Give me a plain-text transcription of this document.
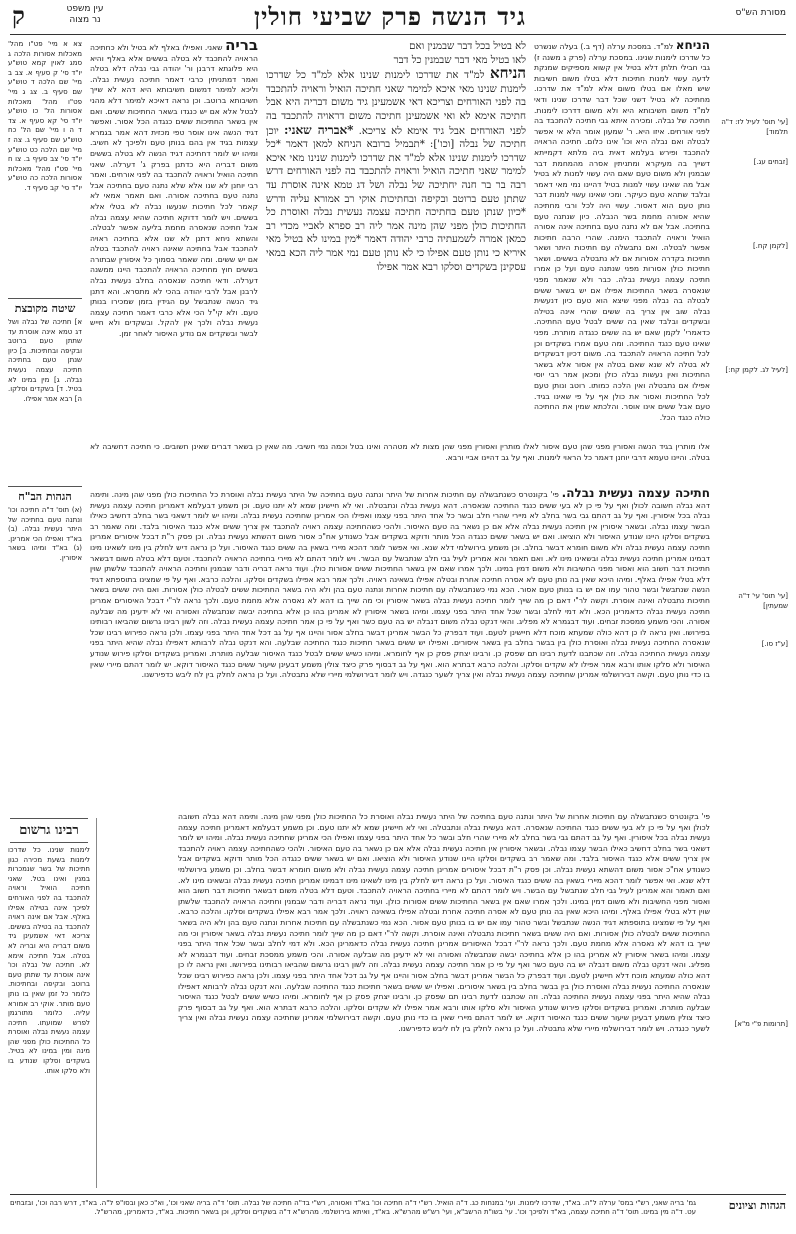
מסורת הש"ס
גיד הנשה פרק שביעי חולין
עין משפט
נר מצוה
ק
[עי' תוס' לעיל לז: ד"ה תלמוד]
[זבחים עג.]
[לקמן קח.]
[לעיל לג. לקמן קח:]
[עי' תוס' עי' ד"ה שמעתין]
[ע"ז סו.]
[תרומות פ"י מ"א]
הניחא למ"ד. במסכת ערלה (דף ב.) בעלה שנשרט כל שדרכו לימנות שנינו. במסכת ערלה (פרק ג משנה ז) גבי חבילי תלתן דלא בטיל אין קשוא מספיקים שמנקת לדעה עשוי למנות חתיכות דלא בטלו משום חשיבות שיש מאלו אם בטלו משום אלא למ"ד את שדרכו. מחתיכה לא בטיל דשני שכל דבר שדרכו שנינו ודאי למ"ד משום חשיבותא היא ולא משום דדרכו לימנות. חתיכה של נבלה. ומכירה איתא גבי חתיכה להתכבד בה לפני אורחים. איזו היא. ר' שמעון אומר הלא אי אפשר לבטלה ואם נבלה היא וכו' אינו כלום. חתיכה הראויה להתכבד ופירש בעלמא דאית ביה מלתא דקמייתא דשייך בה מעיקרא ומתניתין אסרה מהמחמת דבר שבמנין ולא משום טעם שאם היה עשוי למנות לא בטיל אבל מה שאינו עשוי למנות בטיל דהיינו נמי מאי דאמר ובלבד שתהא טעם כעיקר. ומכי שאינו עשוי למנות דבר נותן טעם הוא דאסור. עשוי היה לכל ורבי מחתיכה שהיא אסורה מחמת בשר הנבלה. כיון שנתנה טעם בחתיכה. אבל אם לא נתנה טעם בחתיכה אינה אסורה הואיל וראויה להתכבד הימנה. שהרי הרבה חתיכות אפשר לבטלה. ואם נתבשלה עם חתיכות היתר ושאר חתיכות בקדרה אסורות אם לא נתבטלה בששים. ושאר חתיכות כולן אסורות מפני שנתנה טעם ועל כן אמרו חתיכה עצמה נעשית נבלה. כבר ולא שנאמר מפני שנאסרה בשאר החתיכות אפילו אם יש בשאר ששים לבטלה בה נבלה מפני שיצא הוא טעם כיון דנעשית נבלה שוב אין צריך בה ששים שהרי אינה בטילה ובשקדים ובלבד שאין בה ששים לבטל טעם החתיכה. כדאמרי' לקמן שאם יש בה ששים כנגדה מותרת. מפני שאינו טעם כנגד החתיכה. ומה טעם אמרו בשקדים וכן לכל חתיכה הראויה להתכבד בה. משום דכיון דבשקדים לא בטלה לא שנא שאם בטלה אין אסור אלא בשאר החתיכות ואין נעשות נבלה כולן ומכאן אמר רבי יוסי אפילו אם נתבטלה ואין הלכה כמותו. רוטב ונותן טעם לכל החתיכות ואסור את כולן אף על פי שאינו בגיד. טעם אבל ששים אינו אוסר. והלכתא שמין את החתיכה כולה כנגד הכל.
לא בטיל בכל דבר שבמנין ואם
לאו בטיל מאי דבר שבמנין כל דבר
הניחא למ"ד את שדרכו לימנות שנינו אלא למ"ד כל שדרכו לימנות שנינו מאי איכא למימר שאני חתיכה הואיל וראויה להתכבד בה לפני האורחים וצריכא דאי אשמעינן גיד משום דבריה היא אבל חתיכה אימא לא ואי אשמעינן חתיכה משום דראויה להתכבד בה לפני האורחים אבל גיד אימא לא צריכא. *אבריה שאני: יוכן חתיכה של נבלה [וכו']: *תבמיל ברובא הניחא למאן דאמר *כל שדרכו לימנות שנינו אלא למ"ד את שדרכו לימנות שנינו מאי איכא למימר שאני חתיכה הואיל וראויה להתכבד בה לפני האורחים דרש רבה בר בר חנה יחתיכה של נבלה ושל דג טמא אינה אוסרת עד שתתן טעם ברוטב ובקיפה ובחתיכות אוקי רב אמורא עליה ודרש *כיון שנתן טעם בחתיכה חתיכה עצמה נעשית נבלה ואוסרת כל החתיכות כולן מפני שהן מינה אמר ליה רב ספרא לאביי מכדי רב כמאן אמרה לשמעתיה כרבי יהודה דאמר *מין במינו לא בטיל מאי איריא כי נותן טעם אפילו כי לא נותן טעם נמי אמר ליה הכא במאי עסקינן בשקדים וסלקו רבא אמר אפילו
בריה שאני. ואפילו באלף לא בטיל ולא כחתיכה הראויה להתכבד לא בטלה בששים אלא באלף והיא היא פלוגתא דרבנן ור' יהודה גבי נבלה דלא בטלה ואמר דמתניתין כרבי דאמר חתיכה נעשית נבלה. וליכא למימר דמשום חשיבותא היא דהא לא שייך חשיבותא ברוטב. וכן נראה דאיכא למימר דלא מהני לבטל אלא אם יש כנגדו בשאר החתיכות ששים. ואם אין בשאר החתיכות ששים כנגדה הכל אסור. ואפשר דגיד הנשה אינו אוסר טפי מכזית דהא אמר בגמרא עצמות בגיד אין בהם בנותן טעם ולפיכך לא חשיב. ומיהו יש לומר דחתיכה דגיד הנשה לא בטלה בששים משום דבריה היא כדתנן בפרק ג' דערלה. שאני חתיכה הואיל וראויה להתכבד בה לפני אורחים. ואמר רבי יוחנן לא שנו אלא שלא נתנה טעם בחתיכה אבל נתנה טעם בחתיכה אסורה. ואם תאמר אמאי לא קאמר לכל חתיכות שנעשו נבלה לא בטלי אלא בששים. ויש לומר דדוקא חתיכה שהיא עצמה נבלה אבל חתיכה שנאסרה מחמת בליעה אפשר לבטלה. והשתא ניחא דתנן לא שנו אלא בחתיכה ראויה להתכבד אבל בחתיכה שאינה ראויה להתכבד בטלה אם יש ששים. ומה שאמר בסמוך כל איסורין שבתורה בששים חוץ מחתיכה הראויה להתכבד היינו ממשנה דערלה. ודאי חתיכה שנאסרה בחלב נעשית נבלה לרבנן אבל לרבי יהודה בהכי לא מתסרא. והא דתנן גיד הנשה שנתבשל עם הגידין בזמן שמכירו בנותן טעם. ולא קי"ל הכי אלא כרבי דאמר חתיכה עצמה נעשית נבלה ולכך אין להקל. ובשקדים ולא חייש לבשר ובשקדים אם נודע האיסור לאחר זמן.
צא א מיי' פט"ו מהל' מאכלות אסורות הלכה ג סמג לאוין קמא טוש"ע יו"ד סי' ק סעיף א. צב ב מיי' שם הלכה ד טוש"ע שם סעיף ב. צג ג מיי' פט"ו מהל' מאכלות אסורות הל' כו טוש"ע יו"ד סי' קא סעיף א. צד ד ה ו מיי' שם הל' כח טוש"ע שם סעיף ג. צה ז מיי' שם הלכה כט טוש"ע יו"ד סי' צב סעיף ב. צו ח מיי' פט"ו מהל' מאכלות אסורות הלכה כה טוש"ע יו"ד סי' קב סעיף ד.
שיטה מקובצת
א] חתיכה של נבלה ושל דג טמא אינה אוסרת עד שתתן טעם ברוטב ובקיפה ובחתיכות. ב] כיון שנתן טעם בחתיכה חתיכה עצמה נעשית נבלה. ג] מין במינו לא בטיל. ד] בשקדים וסלקו. ה] רבא אמר אפילו.
הגהות הב"ח
(א) תוס' ד"ה חתיכה וכו' ונתנה טעם בחתיכה של היתר נעשית נבלה. (ב) בא"ד ואפילו הכי אמרינן. (ג) בא"ד ומיהו בשאר איסורין.
אלו מותרין בגיד הנשה ואסורין מפני שהן טעם איסור לאלו מותרין ואסורין מפני שהן מצות לא מטהרה ואינו בטל וכמה נמי חשיבי. מה שאין כן בשאר דברים שאינן חשובים. כי חתיכה דחשיבה לא בטלה. והיינו טעמא דרבי יוחנן דאמר כל הראוי לימנות. ואף על גב דהיינו אביי ורבא.
חתיכה עצמה נעשית נבלה. פי' בקונטרס כשנתבשלה עם חתיכות אחרות של היתר ונתנה טעם בחתיכה של היתר נעשית נבלה ואוסרת כל החתיכות כולן מפני שהן מינה. ותימה דהא נבלה חשובה לכולן ואף על פי כן לא בעי ששים כנגד החתיכה שנאסרה. דהא נעשית נבלה ונתבטלה. ואי לא חיישינן שמא לא יתנו טעם. וכן משמע דבעלמא דאמרינן חתיכה עצמה נעשית נבלה בכל איסורין. ואף על גב דהתם גבי בשר בחלב לא מיירי שהרי חלב ובשר כל אחד היתר בפני עצמו ואפילו הכי אמרינן שחתיכה נעשית נבלה. ומיהו יש לומר דשאני בשר בחלב דחשיב כאילו הבשר עצמו נבלה. ובשאר איסורין אין חתיכה נעשית נבלה אלא אם כן נשאר בה טעם האיסור. ולהכי כשהחתיכה עצמה ראויה להתכבד אין צריך ששים אלא כנגד האיסור בלבד. ומה שאמר רב בשקדים וסלקו היינו שנודע האיסור ולא הוציאו. ואם יש בשאר ששים כנגדה הכל מותר ודוקא בשקדים אבל כשנודע אח"כ אסור משום דהשתא נעשית נבלה. וכן פסק ר"ת דבכל איסורים אמרינן חתיכה עצמה נעשית נבלה ולא משום חומרא דבשר בחלב. וכן משמע בירושלמי דלא שנא. ואי אפשר לומר דהכא מיירי בשאין בה ששים כנגד האיסור. ועל כן נראה דיש לחלק בין מינו לשאינו מינו דבמינו אמרינן חתיכה נעשית נבלה ובשאינו מינו לא. ואם תאמר והא אמרינן לעיל גבי חלב שנתבשל עם הבשר. ויש לומר דהתם לא מיירי בחתיכה הראויה להתכבד. וטעם דלא בטלה משום דבשאר חתיכות דבר חשוב הוא ואסור מפני החשיבות ולא משום דמין במינו. ולכך אמרו שאם אין בשאר החתיכות ששים אסורות כולן. ועוד נראה דבריה ודבר שבמנין וחתיכה הראויה להתכבד שלשתן שוין דלא בטלי אפילו באלף. ומיהו היכא שאין בה נותן טעם לא אסרה חתיכה אחרת ובטלה אפילו בשאינה ראויה. ולכך אמר רבא אפילו בשקדים וסלקו. והלכה כרבא. ואף על פי שמצינו בתוספתא דגיד הנשה שנתבשל ובשר טהור עמו אם יש בו בנותן טעם אסור. הכא נמי כשנתבשלה עם חתיכות אחרות ונתנה טעם בהן ולא היה בשאר החתיכות ששים לבטלה כולן אסורות. ואם היה ששים בשאר חתיכות נתבטלה ואינה אוסרת. וקשה לר"י דאם כן מה שייך לומר חתיכה נעשית נבלה בשאר איסורין וכי מה שייך בו דהא לא נאסרה אלא מחמת טעם. ולכך נראה לר"י דבכל האיסורים אמרינן חתיכה נעשית נבלה כדאמרינן הכא. ולא דמי לחלב ובשר שכל אחד היתר בפני עצמו. ומיהו בשאר איסורין לא אמרינן בהו כן אלא בחתיכה יבשה שנתבשלה ואסורה ואי לא ידעינן מה שבלעה אסורה. והכי משמע ממסכת זבחים. ועוד דבגמרא לא מפליג. והאי דנקט נבלה משום דנבלה יש בה טעם כשר ואף על פי כן אמר חתיכה עצמה נעשית נבלה. וזה לשון רבינו גרשום שהביאו רבותינו בפירושו. ואין נראה לו כן דהא כולה שמעתא מוכח דלא חיישינן לטעם. ועוד דבפרק כל הבשר אמרינן דבשר בחלב אסור והיינו אף על גב דכל אחד היתר בפני עצמו. ולכן נראה כפירוש רבינו שכל שנאסרה החתיכה נעשית נבלה ואוסרת כולן בין בבשר בחלב בין בשאר איסורים. ואפילו יש ששים בשאר חתיכות כנגד החתיכה שבלעה. והא דנקט נבלה לרבותא דאפילו נבלה שהיא היתר בפני עצמה נעשית החתיכה נבלה. וזה שכתבנו לדעת רבינו תם שפסק כן. ורבינו יצחק פסק כן אף לחומרא. ומיהו כשיש ששים לבטל כנגד האיסור שבלעה מותרת. ואמרינן בשקדים וסלקו פירוש שנודע האיסור ולא סלקו אותו ורבא אמר אפילו לא שקדים וסלקו. והלכה כרבא דבתרא הוא. ואף על גב דבסוף פרק כיצד צולין משמע דבעינן שיעור ששים כנגד האיסור דוקא. יש לומר דהתם מיירי שאין בו כדי נותן טעם. וקשה דבירושלמי אמרינן שחתיכה עצמה נעשית נבלה ואין צריך לשער כנגדה. ויש לומר דבירושלמי מיירי שלא נתבטלה. ועל כן נראה לחלק בין לח ליבש כדפירשנו.
פי' בקונטרס כשנתבשלה עם חתיכות אחרות של היתר ונתנה טעם בחתיכה של היתר נעשית נבלה ואוסרת כל החתיכות כולן מפני שהן מינה. ותימה דהא נבלה חשובה לכולן ואף על פי כן לא בעי ששים כנגד החתיכה שנאסרה. דהא נעשית נבלה ונתבטלה. ואי לא חיישינן שמא לא יתנו טעם. וכן משמע דבעלמא דאמרינן חתיכה עצמה נעשית נבלה בכל איסורין. ואף על גב דהתם גבי בשר בחלב לא מיירי שהרי חלב ובשר כל אחד היתר בפני עצמו ואפילו הכי אמרינן שחתיכה נעשית נבלה. ומיהו יש לומר דשאני בשר בחלב דחשיב כאילו הבשר עצמו נבלה. ובשאר איסורין אין חתיכה נעשית נבלה אלא אם כן נשאר בה טעם האיסור. ולהכי כשהחתיכה עצמה ראויה להתכבד אין צריך ששים אלא כנגד האיסור בלבד. ומה שאמר רב בשקדים וסלקו היינו שנודע האיסור ולא הוציאו. ואם יש בשאר ששים כנגדה הכל מותר ודוקא בשקדים אבל כשנודע אח"כ אסור משום דהשתא נעשית נבלה. וכן פסק ר"ת דבכל איסורים אמרינן חתיכה עצמה נעשית נבלה ולא משום חומרא דבשר בחלב. וכן משמע בירושלמי דלא שנא. ואי אפשר לומר דהכא מיירי בשאין בה ששים כנגד האיסור. ועל כן נראה דיש לחלק בין מינו לשאינו מינו דבמינו אמרינן חתיכה נעשית נבלה ובשאינו מינו לא. ואם תאמר והא אמרינן לעיל גבי חלב שנתבשל עם הבשר. ויש לומר דהתם לא מיירי בחתיכה הראויה להתכבד. וטעם דלא בטלה משום דבשאר חתיכות דבר חשוב הוא ואסור מפני החשיבות ולא משום דמין במינו. ולכך אמרו שאם אין בשאר החתיכות ששים אסורות כולן. ועוד נראה דבריה ודבר שבמנין וחתיכה הראויה להתכבד שלשתן שוין דלא בטלי אפילו באלף. ומיהו היכא שאין בה נותן טעם לא אסרה חתיכה אחרת ובטלה אפילו בשאינה ראויה. ולכך אמר רבא אפילו בשקדים וסלקו. והלכה כרבא. ואף על פי שמצינו בתוספתא דגיד הנשה שנתבשל ובשר טהור עמו אם יש בו בנותן טעם אסור. הכא נמי כשנתבשלה עם חתיכות אחרות ונתנה טעם בהן ולא היה בשאר החתיכות ששים לבטלה כולן אסורות. ואם היה ששים בשאר חתיכות נתבטלה ואינה אוסרת. וקשה לר"י דאם כן מה שייך לומר חתיכה נעשית נבלה בשאר איסורין וכי מה שייך בו דהא לא נאסרה אלא מחמת טעם. ולכך נראה לר"י דבכל האיסורים אמרינן חתיכה נעשית נבלה כדאמרינן הכא. ולא דמי לחלב ובשר שכל אחד היתר בפני עצמו. ומיהו בשאר איסורין לא אמרינן בהו כן אלא בחתיכה יבשה שנתבשלה ואסורה ואי לא ידעינן מה שבלעה אסורה. והכי משמע ממסכת זבחים. ועוד דבגמרא לא מפליג. והאי דנקט נבלה משום דנבלה יש בה טעם כשר ואף על פי כן אמר חתיכה עצמה נעשית נבלה. וזה לשון רבינו גרשום שהביאו רבותינו בפירושו. ואין נראה לו כן דהא כולה שמעתא מוכח דלא חיישינן לטעם. ועוד דבפרק כל הבשר אמרינן דבשר בחלב אסור והיינו אף על גב דכל אחד היתר בפני עצמו. ולכן נראה כפירוש רבינו שכל שנאסרה החתיכה נעשית נבלה ואוסרת כולן בין בבשר בחלב בין בשאר איסורים. ואפילו יש ששים בשאר חתיכות כנגד החתיכה שבלעה. והא דנקט נבלה לרבותא דאפילו נבלה שהיא היתר בפני עצמה נעשית החתיכה נבלה. וזה שכתבנו לדעת רבינו תם שפסק כן. ורבינו יצחק פסק כן אף לחומרא. ומיהו כשיש ששים לבטל כנגד האיסור שבלעה מותרת. ואמרינן בשקדים וסלקו פירוש שנודע האיסור ולא סלקו אותו ורבא אמר אפילו לא שקדים וסלקו. והלכה כרבא דבתרא הוא. ואף על גב דבסוף פרק כיצד צולין משמע דבעינן שיעור ששים כנגד האיסור דוקא. יש לומר דהתם מיירי שאין בו כדי נותן טעם. וקשה דבירושלמי אמרינן שחתיכה עצמה נעשית נבלה ואין צריך לשער כנגדה. ויש לומר דבירושלמי מיירי שלא נתבטלה. ועל כן נראה לחלק בין לח ליבש כדפירשנו.
רבינו גרשום
לימנות שנינו. כל שדרכו לימנות בשעת מכירה כגון חתיכות של בשר שנמכרות במנין ואינו בטל. שאני חתיכה הואיל וראויה להתכבד בה לפני האורחים לפיכך אינה בטילה אפילו באלף. אבל אם אינה ראויה להתכבד בה בטילה בששים. צריכא דאי אשמעינן גיד משום דבריה היא ובריה לא בטלה. אבל חתיכה אימא לא. חתיכה של נבלה וכו' אינה אוסרת עד שתתן טעם ברוטב ובקיפה ובחתיכות. כלומר כל זמן שאין בו נותן טעם מותר. אוקי רב אמורא עליה. כלומר מתורגמן לפרש שמועתו. חתיכה עצמה נעשית נבלה ואוסרת כל החתיכות כולן מפני שהן מינה ומין במינו לא בטיל. בשקדים וסלקו שנודע בו ולא סלקו אותו.
הגהות וציונים
גמ' בריה שאני, רש"י במס' ערלה ל"ה. בא"ד, שדרכו לימנות. ועי' במנחות כג. ד"ה הואיל. רש"י ד"ה חתיכה וכו' בא"ד ואסורה, רש"י בד"ה חתיכה של נבלה. תוס' ד"ה בריה שאני וכו', וא"כ כאן ובסו"פ ל"ה. בא"ד, דרש רבה וכו', ובזבחים עט. ד"ה מין במינו. תוס' ד"ה חתיכה עצמה, בא"ד ולפיכך וכו'. עי' בשו"ת הרשב"א, ועי' רש"ש מהרש"א. בא"ד, ואיתא בירושלמי. מהרש"א ד"ה בשקדים וסלקו, וכן בשאר חתיכות. בא"ד, כדאמרינן, מהרש"ל.
